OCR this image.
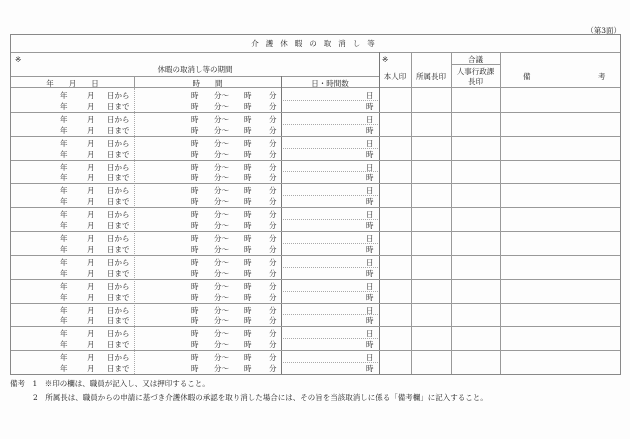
（第3面）
介護休暇の取消し等
※
休暇の取消し等の期間
年　　月　　日	時　　間	日・時間数
※
本人印	所属長印
合議
人事行政課
長印
備	考
年	月 日から	時 分～ 時 分	日
年	月 日まで	時 分～ 時 分	時
年	月 日から	時 分～ 時 分	日
年	月 日まで	時 分～ 時 分	時
年	月 日から	時 分～ 時 分	日
年	月 日まで	時 分～ 時 分	時
年	月 日から	時 分～ 時 分	日
年	月 日まで	時 分～ 時 分	時
年	月 日から	時 分～ 時 分	日
年	月 日まで	時 分～ 時 分	時
年	月 日から	時 分～ 時 分	日
年	月 日まで	時 分～ 時 分	時
年	月 日から	時 分～ 時 分	日
年	月 日まで	時 分～ 時 分	時
年	月 日から	時 分～ 時 分	日
年	月 日まで	時 分～ 時 分	時
年	月 日から	時 分～ 時 分	日
年	月 日まで	時 分～ 時 分	時
年	月 日から	時 分～ 時 分	日
年	月 日まで	時 分～ 時 分	時
年	月 日から	時 分～ 時 分	日
年	月 日まで	時 分～ 時 分	時
年	月 日から	時 分～ 時 分	日
年	月 日まで	時 分～ 時 分	時
備考　 1　※印の欄は、職員が記入し、又は押印すること。
2　所属長は、職員からの申請に基づき介護休暇の承認を取り消した場合には、その旨を当該取消しに係る「備考欄」に記入すること。
